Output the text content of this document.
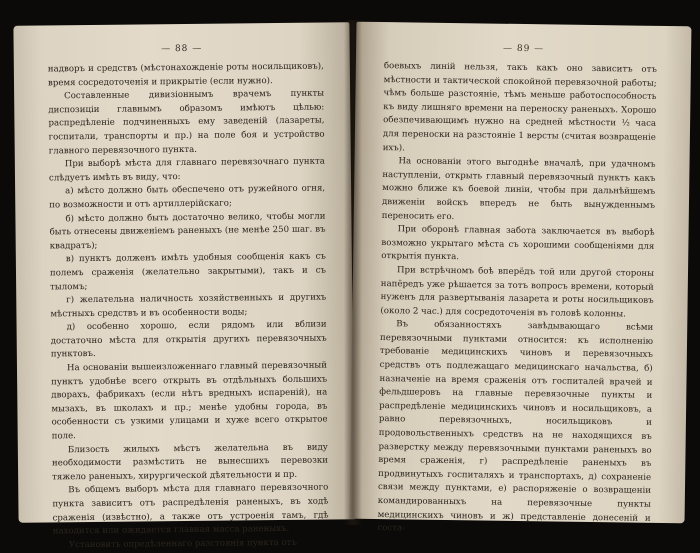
— 88 —

надворъ и средствъ (мѣстонахожденіе роты носильщиковъ), время сосредоточенія и прикрытіе (если нужно).

Составленные дивизіоннымъ врачемъ пункты диспозиціи главнымъ образомъ имѣютъ цѣлью: распредѣленіе подчиненныхъ ему заведеній (лазареты, госпитали, транспорты и пр.) на поле боя и устройство главного перевязочного пункта.

При выборѣ мѣста для главнаго перевязочнаго пункта слѣдуетъ имѣть въ виду, что:

а) мѣсто должно быть обеспечено отъ ружейного огня, по возможности и отъ артиллерійскаго;

б) мѣсто должно быть достаточно велико, чтобы могли быть отнесены движеніемъ раненыхъ (не менѣе 250 шаг. въ квадратъ);

в) пунктъ долженъ имѣть удобныя сообщенія какъ съ полемъ сраженія (желательно закрытыми), такъ и съ тыломъ;

г) желательна наличность хозяйственныхъ и другихъ мѣстныхъ средствъ и въ особенности воды;

д) особенно хорошо, если рядомъ или вблизи достаточно мѣста для открытія другихъ перевязочныхъ пунктовъ.

На основаніи вышеизложеннаго главный перевязочный пунктъ удобнѣе всего открыть въ отдѣльныхъ большихъ дворахъ, фабрикахъ (если нѣтъ вредныхъ испареній), на мызахъ, въ школахъ и пр.; менѣе удобны города, въ особенности съ узкими улицами и хуже всего открытое поле.

Близость жилыхъ мѣстъ желательна въ виду необходимости размѣстить не вынесшихъ перевозки тяжело раненыхъ, хирургической дѣятельности и пр.

Въ общемъ выборъ мѣста для главнаго перевязочного пункта зависитъ отъ распредѣленія раненыхъ, въ ходѣ сраженія (извѣстно), а также отъ устроенія тамъ, гдѣ находится или ожидается главная масса раненыхъ.

Установить опредѣленнаго разстоянія пункта отъ

— 89 —

боевыхъ линій нельзя, такъ какъ оно зависитъ отъ мѣстности и тактической спокойной перевязочной работы; чѣмъ больше разстояніе, тѣмъ меньше работоспособность къ виду лишняго времени на переноску раненыхъ. Хорошо обезпечивающимъ нужно на средней мѣстности ½ часа для переноски на разстояніе 1 версты (считая возвращеніе ихъ).

На основаніи этого выгоднѣе вначалѣ, при удачномъ наступленіи, открыть главный перевязочный пунктъ какъ можно ближе къ боевой линіи, чтобы при дальнѣйшемъ движеніи войскъ впередъ не быть вынужденнымъ переносить его.

При оборонѣ главная забота заключается въ выборѣ возможно укрытаго мѣста съ хорошими сообщеніями для открытія пункта.

При встрѣчномъ боѣ вперёдъ той или другой стороны напёредъ уже рѣшается за тотъ вопросъ времени, который нуженъ для развертыванія лазарета и роты носильщиковъ (около 2 час.) для сосредоточенія въ головѣ колонны.

Въ обязанностяхъ завѣдывающаго всѣми перевязочными пунктами относится: къ исполненію требованіе медицинскихъ чиновъ и перевязочныхъ средствъ отъ подлежащаго медицинскаго начальства, б) назначеніе на время сраженія отъ госпиталей врачей и фельдшеровъ на главные перевязочные пункты и распредѣленіе медицинскихъ чиновъ и носильщиковъ, а равно перевязочныхъ, носильщиковъ и продовольственныхъ средствъ на не находящихся въ разверстку между перевязочными пунктами раненыхъ во время сраженія, г) распредѣленіе раненыхъ въ продвинутыхъ госпиталяхъ и транспортахъ, д) сохраненіе связи между пунктами, е) распоряженіе о возвращеніи командированныхъ на перевязочные пункты медицинскихъ чиновъ и ж) представленіе донесеній и соста-
